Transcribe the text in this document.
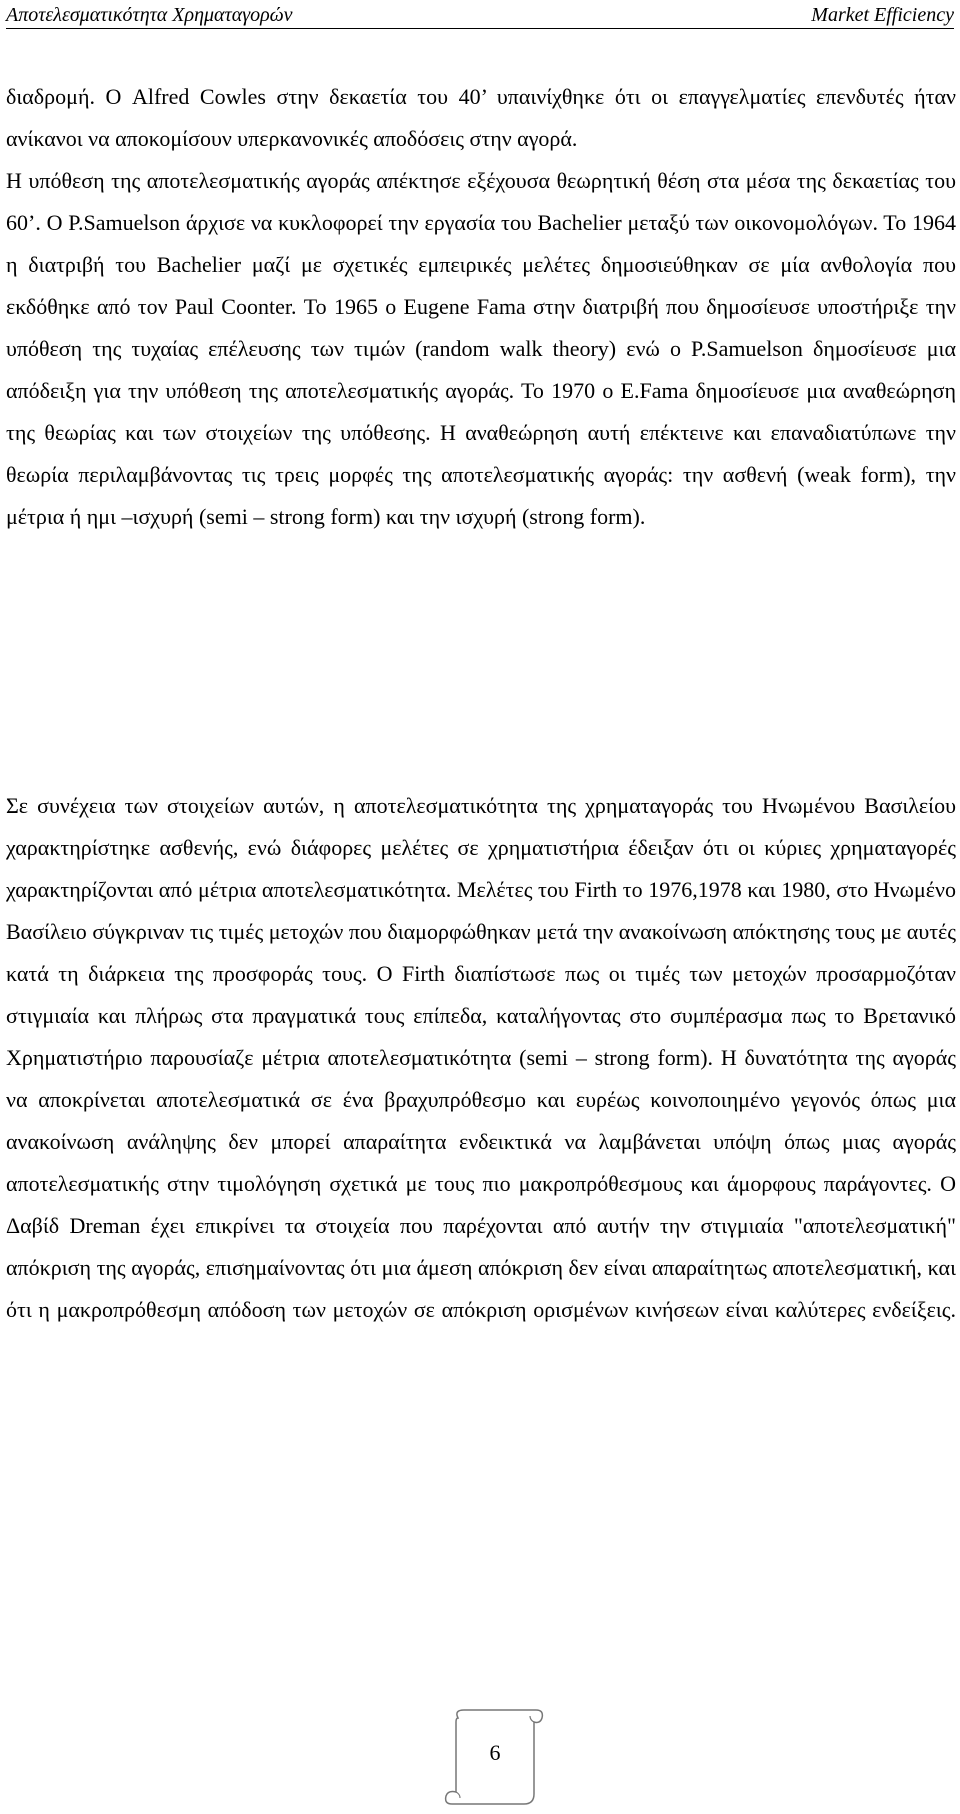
Αποτελεσματικότητα Χρηματαγορών	Market Efficiency

διαδρομή. Ο Alfred Cowles στην δεκαετία του 40’ υπαινίχθηκε ότι οι επαγγελματίες επενδυτές ήταν ανίκανοι να αποκομίσουν υπερκανονικές αποδόσεις στην αγορά.

Η υπόθεση της αποτελεσματικής αγοράς απέκτησε εξέχουσα θεωρητική θέση στα μέσα της δεκαετίας του 60’. O P.Samuelson άρχισε να κυκλοφορεί την εργασία του Bachelier μεταξύ των οικονομολόγων. Το 1964 η διατριβή του Bachelier μαζί με σχετικές εμπειρικές μελέτες δημοσιεύθηκαν σε μία ανθολογία που εκδόθηκε από τον Paul Coonter. Το 1965 ο Eugene Fama στην διατριβή που δημοσίευσε υποστήριξε την υπόθεση της τυχαίας επέλευσης των τιμών (random walk theory) ενώ ο P.Samuelson δημοσίευσε μια απόδειξη για την υπόθεση της αποτελεσματικής αγοράς. Το 1970 ο E.Fama δημοσίευσε μια αναθεώρηση της θεωρίας και των στοιχείων της υπόθεσης. Η αναθεώρηση αυτή επέκτεινε και επαναδιατύπωνε την θεωρία περιλαμβάνοντας τις τρεις μορφές της αποτελεσματικής αγοράς: την ασθενή (weak form), την μέτρια ή ημι –ισχυρή (semi – strong form) και την ισχυρή (strong form).

Σε συνέχεια των στοιχείων αυτών, η αποτελεσματικότητα της χρηματαγοράς του Ηνωμένου Βασιλείου χαρακτηρίστηκε ασθενής, ενώ διάφορες μελέτες σε χρηματιστήρια έδειξαν ότι οι κύριες χρηματαγορές χαρακτηρίζονται από μέτρια αποτελεσματικότητα. Μελέτες του Firth το 1976,1978 και 1980, στο Ηνωμένο Βασίλειο σύγκριναν τις τιμές μετοχών που διαμορφώθηκαν μετά την ανακοίνωση απόκτησης τους με αυτές κατά τη διάρκεια της προσφοράς τους. Ο Firth διαπίστωσε πως οι τιμές των μετοχών προσαρμοζόταν στιγμιαία και πλήρως στα πραγματικά τους επίπεδα, καταλήγοντας στο συμπέρασμα πως το Βρετανικό Χρηματιστήριο παρουσίαζε μέτρια αποτελεσματικότητα (semi – strong form). Η δυνατότητα της αγοράς να αποκρίνεται αποτελεσματικά σε ένα βραχυπρόθεσμο και ευρέως κοινοποιημένο γεγονός όπως μια ανακοίνωση ανάληψης δεν μπορεί απαραίτητα ενδεικτικά να λαμβάνεται υπόψη όπως μιας αγοράς αποτελεσματικής στην τιμολόγηση σχετικά με τους πιο μακροπρόθεσμους και άμορφους παράγοντες. Ο Δαβίδ Dreman έχει επικρίνει τα στοιχεία που παρέχονται από αυτήν την στιγμιαία "αποτελεσματική" απόκριση της αγοράς, επισημαίνοντας ότι μια άμεση απόκριση δεν είναι απαραίτητως αποτελεσματική, και ότι η μακροπρόθεσμη απόδοση των μετοχών σε απόκριση ορισμένων κινήσεων είναι καλύτερες ενδείξεις.

6
